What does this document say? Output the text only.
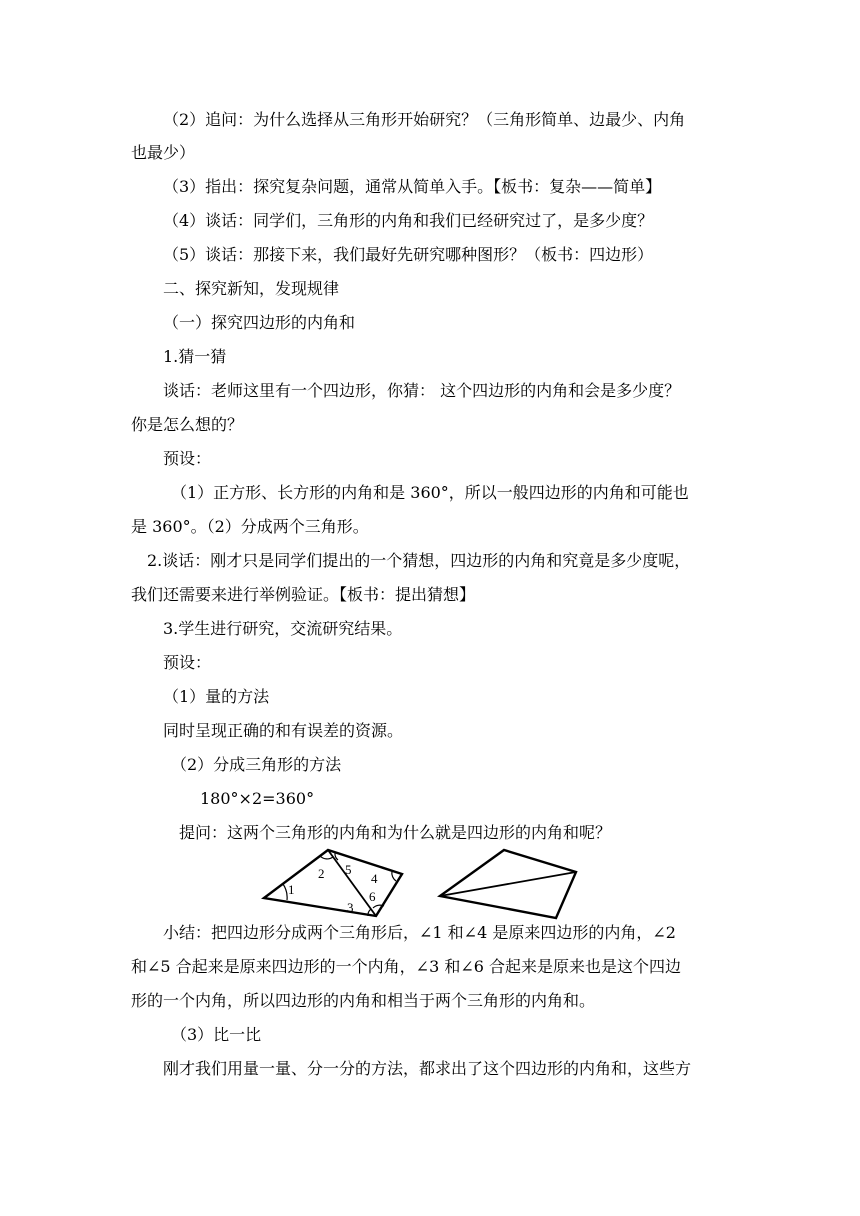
（2）追问：为什么选择从三角形开始研究？（三角形简单、边最少、内角
也最少）
（3）指出：探究复杂问题，通常从简单入手。【板书：复杂——简单】
（4）谈话：同学们，三角形的内角和我们已经研究过了，是多少度？
（5）谈话：那接下来，我们最好先研究哪种图形？（板书：四边形）
二、探究新知，发现规律
（一）探究四边形的内角和
1.猜一猜
谈话：老师这里有一个四边形，你猜： 这个四边形的内角和会是多少度？
你是怎么想的？
预设：
（1）正方形、长方形的内角和是 360°，所以一般四边形的内角和可能也
是 360°。（2）分成两个三角形。
2.谈话：刚才只是同学们提出的一个猜想，四边形的内角和究竟是多少度呢，
我们还需要来进行举例验证。【板书：提出猜想】
3.学生进行研究，交流研究结果。
预设：
（1）量的方法
同时呈现正确的和有误差的资源。
（2）分成三角形的方法
180°×2=360°
提问：这两个三角形的内角和为什么就是四边形的内角和呢？
1
2
3
4
5
6
小结：把四边形分成两个三角形后，∠1 和∠4 是原来四边形的内角，∠2
和∠5 合起来是原来四边形的一个内角，∠3 和∠6 合起来是原来也是这个四边
形的一个内角，所以四边形的内角和相当于两个三角形的内角和。
（3）比一比
刚才我们用量一量、分一分的方法，都求出了这个四边形的内角和，这些方
